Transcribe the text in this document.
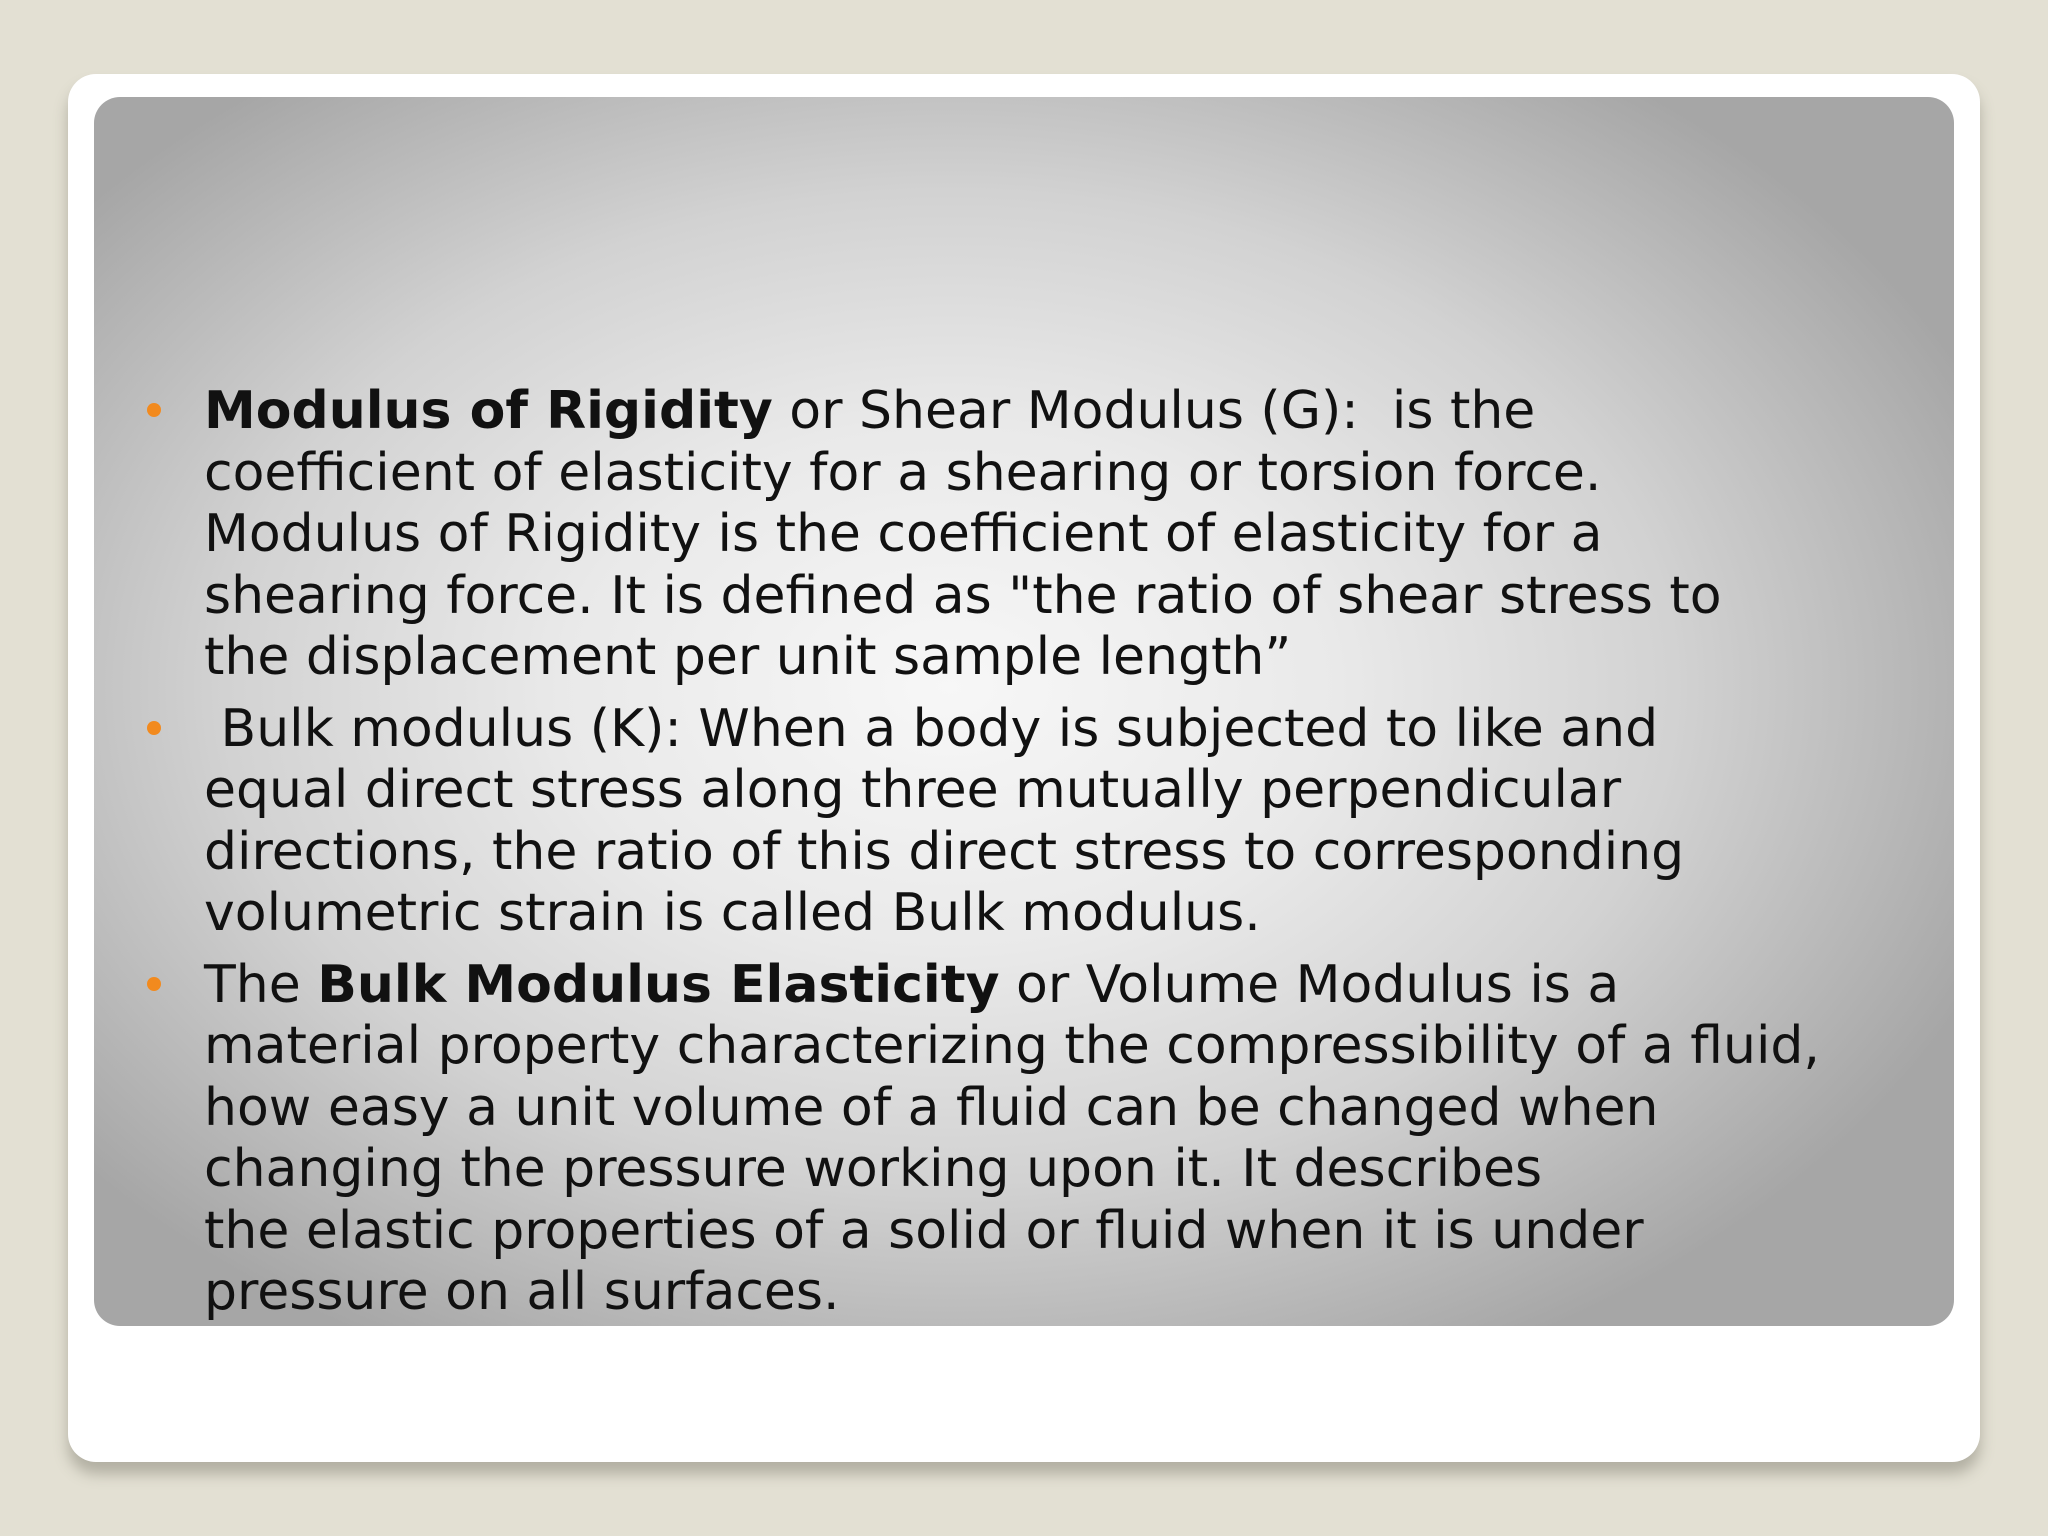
Modulus of Rigidity or Shear Modulus (G):  is the
coefficient of elasticity for a shearing or torsion force.
Modulus of Rigidity is the coefficient of elasticity for a
shearing force. It is defined as "the ratio of shear stress to
the displacement per unit sample length”
Bulk modulus (K): When a body is subjected to like and
equal direct stress along three mutually perpendicular
directions, the ratio of this direct stress to corresponding
volumetric strain is called Bulk modulus.
The Bulk Modulus Elasticity or Volume Modulus is a
material property characterizing the compressibility of a fluid,
how easy a unit volume of a fluid can be changed when
changing the pressure working upon it. It describes
the elastic properties of a solid or fluid when it is under
pressure on all surfaces.
